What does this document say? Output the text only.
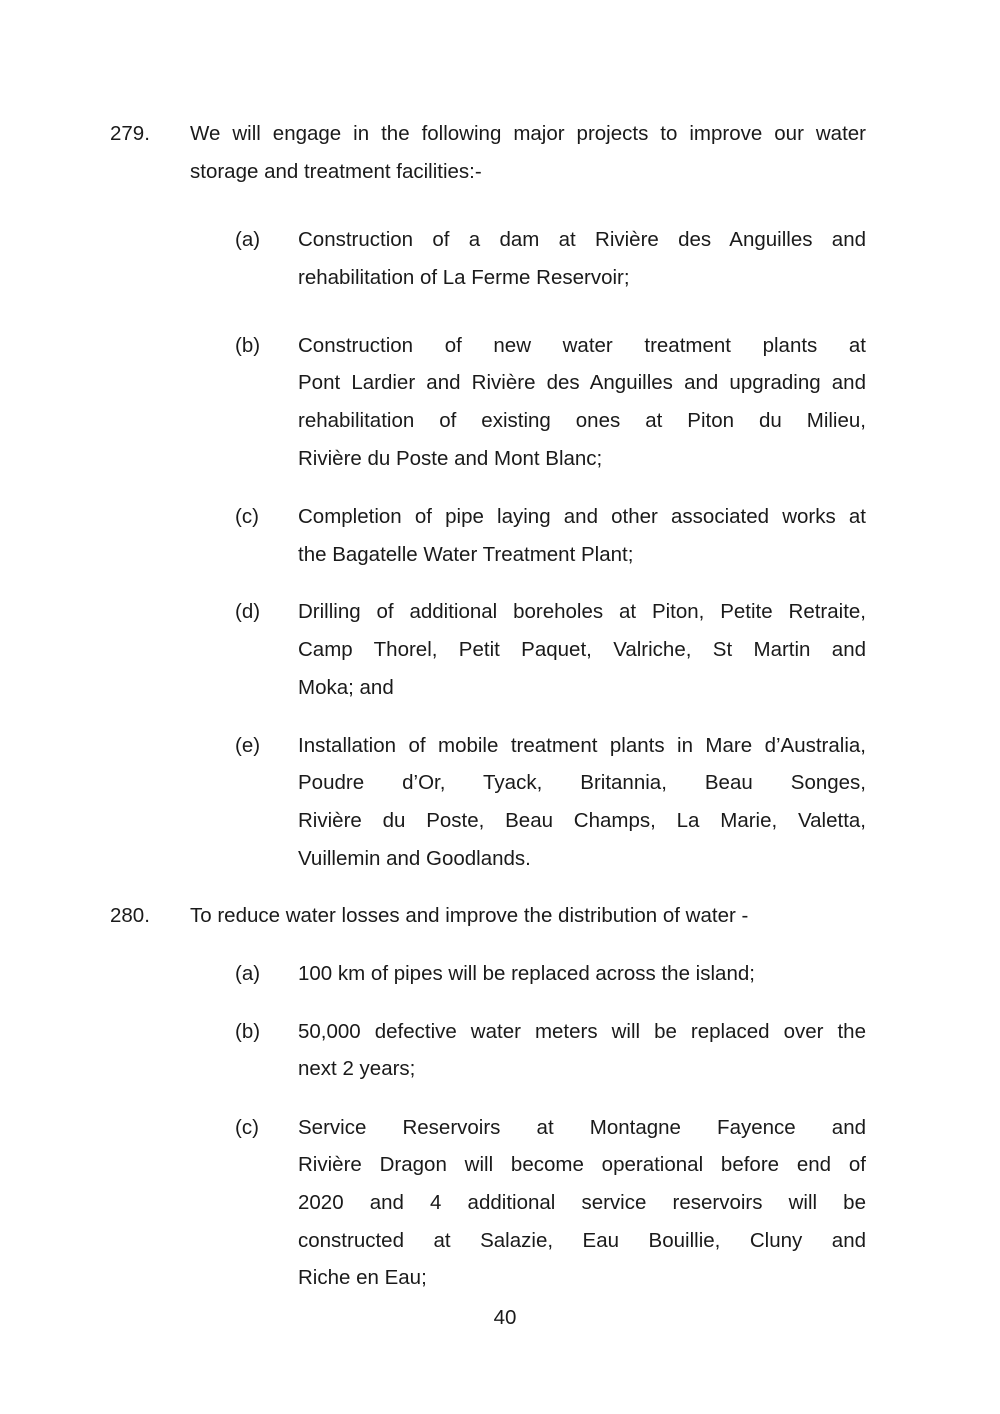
279. We will engage in the following major projects to improve our water
storage and treatment facilities:-
(a) Construction of a dam at Rivière des Anguilles and
rehabilitation of La Ferme Reservoir;
(b) Construction of new water treatment plants at
Pont Lardier and Rivière des Anguilles and upgrading and
rehabilitation of existing ones at Piton du Milieu,
Rivière du Poste and Mont Blanc;
(c) Completion of pipe laying and other associated works at
the Bagatelle Water Treatment Plant;
(d) Drilling of additional boreholes at Piton, Petite Retraite,
Camp Thorel, Petit Paquet, Valriche, St Martin and
Moka; and
(e) Installation of mobile treatment plants in Mare d’Australia,
Poudre d’Or, Tyack, Britannia, Beau Songes,
Rivière du Poste, Beau Champs, La Marie, Valetta,
Vuillemin and Goodlands.
280. To reduce water losses and improve the distribution of water -
(a) 100 km of pipes will be replaced across the island;
(b) 50,000 defective water meters will be replaced over the
next 2 years;
(c) Service Reservoirs at Montagne Fayence and
Rivière Dragon will become operational before end of
2020 and 4 additional service reservoirs will be
constructed at Salazie, Eau Bouillie, Cluny and
Riche en Eau;
40
